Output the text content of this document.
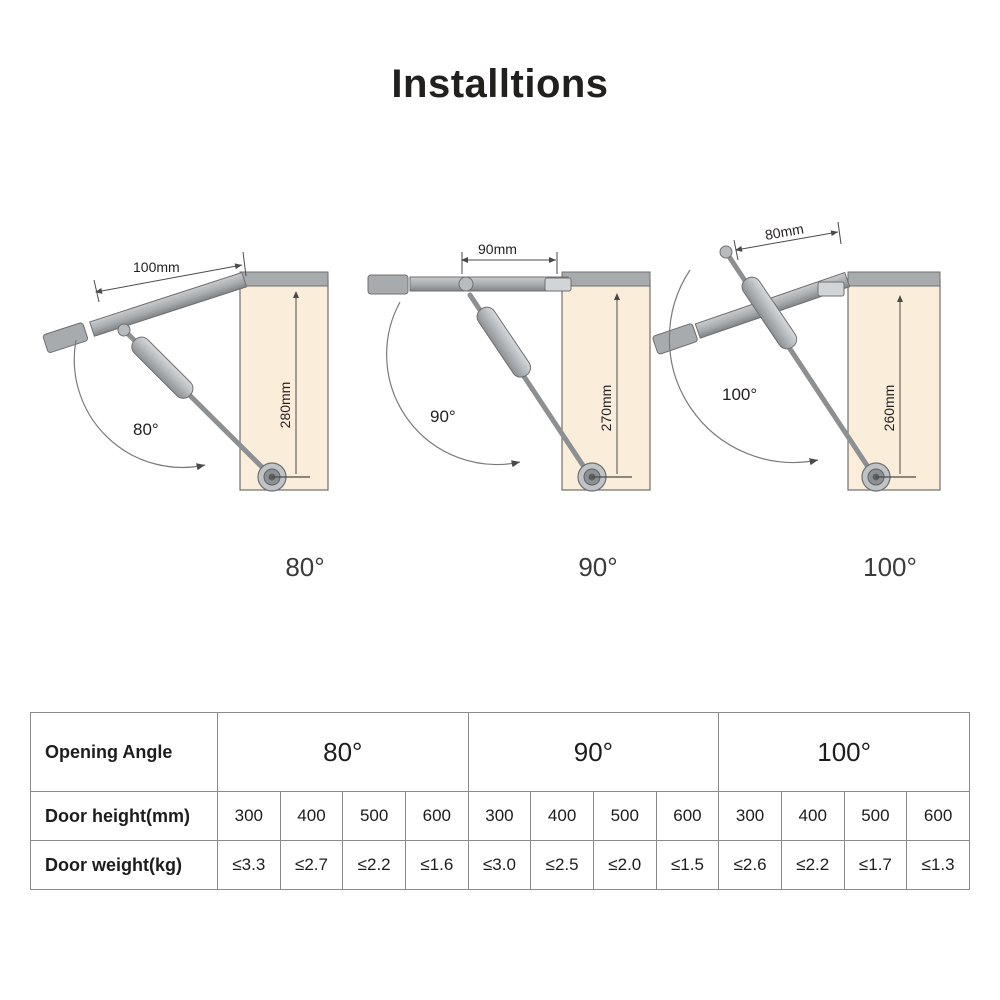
Installtions
100mm
280mm
80°
90mm
270mm
90°
80mm
260mm
100°
80°	90°	100°
Opening Angle	80°				90°				100°			
Door height(mm)	300	400	500	600	300	400	500	600	300	400	500	600
Door weight(kg)	≤3.3	≤2.7	≤2.2	≤1.6	≤3.0	≤2.5	≤2.0	≤1.5	≤2.6	≤2.2	≤1.7	≤1.3
